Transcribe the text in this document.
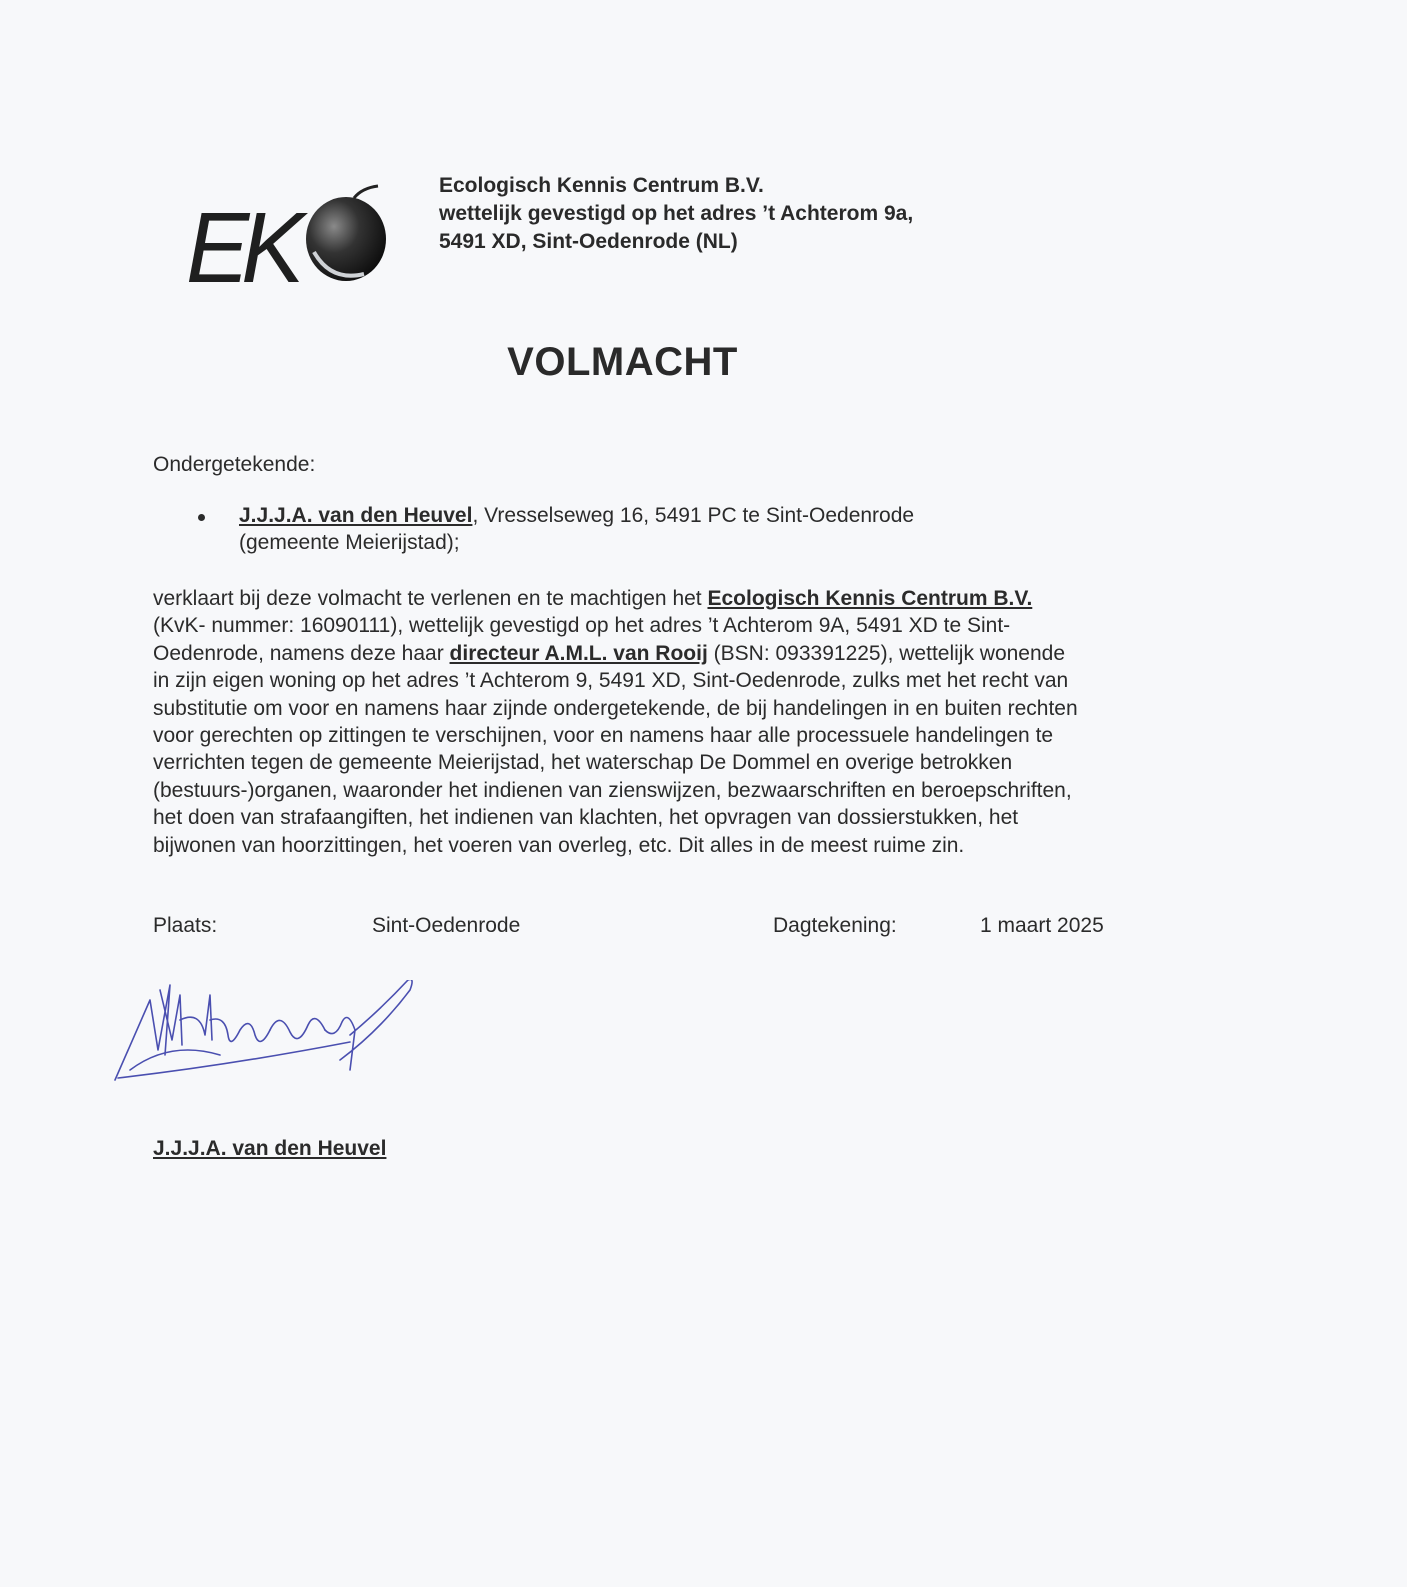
E
K
Ecologisch Kennis Centrum B.V.
wettelijk gevestigd op het adres ’t Achterom 9a,
5491 XD, Sint-Oedenrode (NL)
VOLMACHT
Ondergetekende:
J.J.J.A. van den Heuvel, Vresselseweg 16, 5491 PC te Sint-Oedenrode
(gemeente Meierijstad);
verklaart bij deze volmacht te verlenen en te machtigen het Ecologisch Kennis Centrum B.V.
(KvK- nummer: 16090111), wettelijk gevestigd op het adres ’t Achterom 9A, 5491 XD te Sint-
Oedenrode, namens deze haar directeur A.M.L. van Rooij (BSN: 093391225), wettelijk wonende
in zijn eigen woning op het adres ’t Achterom 9, 5491 XD, Sint-Oedenrode, zulks met het recht van
substitutie om voor en namens haar zijnde ondergetekende, de bij handelingen in en buiten rechten
voor gerechten op zittingen te verschijnen, voor en namens haar alle processuele handelingen te
verrichten tegen de gemeente Meierijstad, het waterschap De Dommel en overige betrokken
(bestuurs-)organen, waaronder het indienen van zienswijzen, bezwaarschriften en beroepschriften,
het doen van strafaangiften, het indienen van klachten, het opvragen van dossierstukken, het
bijwonen van hoorzittingen, het voeren van overleg, etc. Dit alles in de meest ruime zin.
Plaats:	Sint-Oedenrode	Dagtekening:	1 maart 2025
J.J.J.A. van den Heuvel
